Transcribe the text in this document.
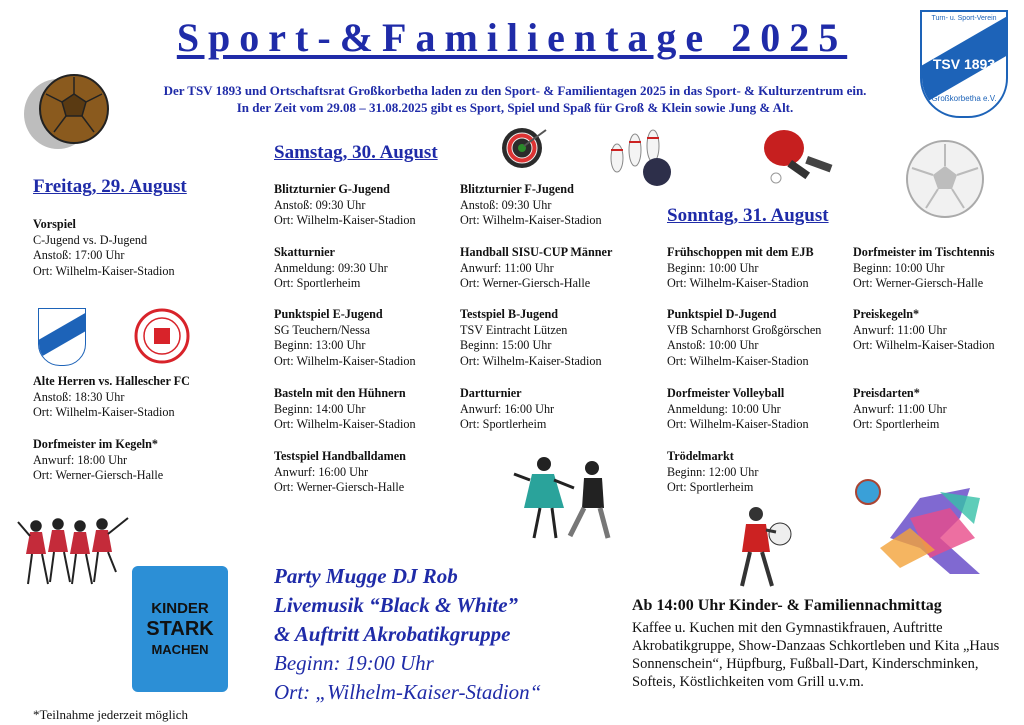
Sport-&Familientage 2025
Der TSV 1893 und Ortschaftsrat Großkorbetha laden zu den Sport- & Familientagen 2025 in das Sport- & Kulturzentrum ein.
In der Zeit vom 29.08 – 31.08.2025 gibt es Sport, Spiel und Spaß für Groß & Klein sowie Jung & Alt.
Turn- u. Sport-Verein
TSV 1893
Großkorbetha e.V.
Freitag, 29. August
Vorspiel
C-Jugend vs. D-Jugend
Anstoß: 17:00 Uhr
Ort: Wilhelm-Kaiser-Stadion
Alte Herren vs. Hallescher FC
Anstoß: 18:30 Uhr
Ort: Wilhelm-Kaiser-Stadion
Dorfmeister im Kegeln*
Anwurf: 18:00 Uhr
Ort: Werner-Giersch-Halle
Samstag, 30. August
Blitzturnier G-Jugend
Anstoß: 09:30 Uhr
Ort: Wilhelm-Kaiser-Stadion
Skatturnier
Anmeldung: 09:30 Uhr
Ort: Sportlerheim
Punktspiel E-Jugend
SG Teuchern/Nessa
Beginn: 13:00 Uhr
Ort: Wilhelm-Kaiser-Stadion
Basteln mit den Hühnern
Beginn: 14:00 Uhr
Ort: Wilhelm-Kaiser-Stadion
Testspiel Handballdamen
Anwurf: 16:00 Uhr
Ort: Werner-Giersch-Halle
Blitzturnier F-Jugend
Anstoß: 09:30 Uhr
Ort: Wilhelm-Kaiser-Stadion
Handball SISU-CUP Männer
Anwurf: 11:00 Uhr
Ort: Werner-Giersch-Halle
Testspiel B-Jugend
TSV Eintracht Lützen
Beginn: 15:00 Uhr
Ort: Wilhelm-Kaiser-Stadion
Dartturnier
Anwurf: 16:00 Uhr
Ort: Sportlerheim
Sonntag, 31. August
Frühschoppen mit dem EJB
Beginn: 10:00 Uhr
Ort: Wilhelm-Kaiser-Stadion
Punktspiel D-Jugend
VfB Scharnhorst Großgörschen
Anstoß: 10:00 Uhr
Ort: Wilhelm-Kaiser-Stadion
Dorfmeister Volleyball
Anmeldung: 10:00 Uhr
Ort: Wilhelm-Kaiser-Stadion
Trödelmarkt
Beginn: 12:00 Uhr
Ort: Sportlerheim
Dorfmeister im Tischtennis
Beginn: 10:00 Uhr
Ort: Werner-Giersch-Halle
Preiskegeln*
Anwurf: 11:00 Uhr
Ort: Wilhelm-Kaiser-Stadion
Preisdarten*
Anwurf: 11:00 Uhr
Ort: Sportlerheim
KINDER
STARK
MACHEN
Party Mugge DJ Rob
Livemusik “Black & White”
& Auftritt Akrobatikgruppe
Beginn: 19:00 Uhr
Ort: „Wilhelm-Kaiser-Stadion“
Ab 14:00 Uhr Kinder- & Familiennachmittag
Kaffee u. Kuchen mit den Gymnastikfrauen, Auftritte Akrobatikgruppe, Show-Danzaas Schkortleben und Kita „Haus Sonnenschein“, Hüpfburg, Fußball-Dart, Kinderschminken, Softeis, Köstlichkeiten vom Grill u.v.m.
*Teilnahme jederzeit möglich
